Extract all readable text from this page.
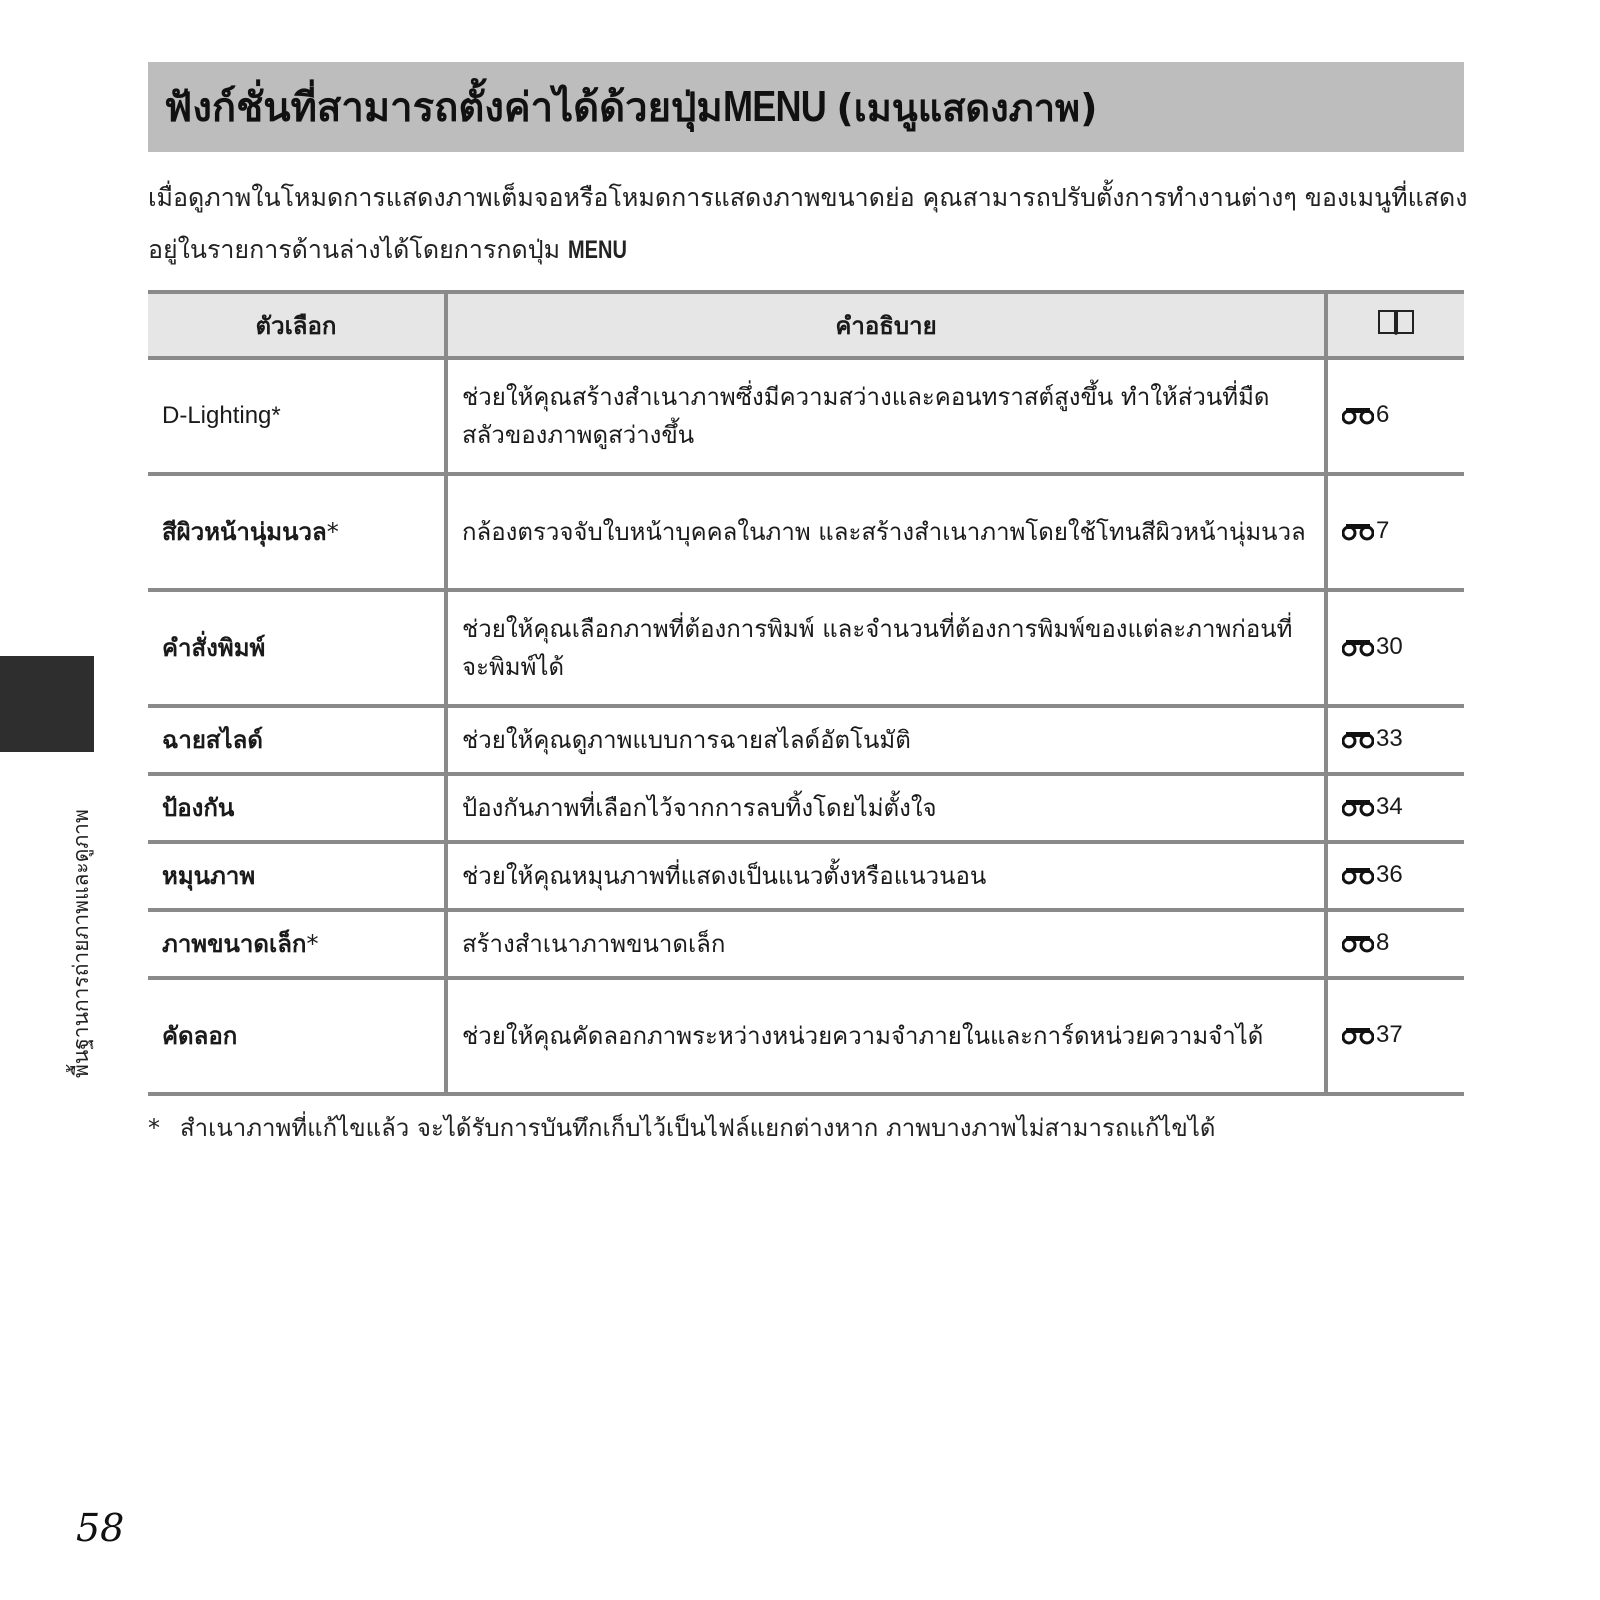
ฟังก์ชั่นที่สามารถตั้งค่าได้ด้วยปุ่ม MENU (เมนูแสดงภาพ)

เมื่อดูภาพในโหมดการแสดงภาพเต็มจอหรือโหมดการแสดงภาพขนาดย่อ คุณสามารถปรับตั้งการทำงานต่างๆ ของเมนูที่แสดงอยู่ในรายการด้านล่างได้โดยการกดปุ่ม MENU

ตัวเลือก	คำอธิบาย	
D-Lighting*	ช่วยให้คุณสร้างสำเนาภาพซึ่งมีความสว่างและคอนทราสต์สูงขึ้น ทำให้ส่วนที่มืดสลัวของภาพดูสว่างขึ้น	6
สีผิวหน้านุ่มนวล*	กล้องตรวจจับใบหน้าบุคคลในภาพ และสร้างสำเนาภาพโดยใช้โทนสีผิวหน้านุ่มนวล	7
คำสั่งพิมพ์	ช่วยให้คุณเลือกภาพที่ต้องการพิมพ์ และจำนวนที่ต้องการพิมพ์ของแต่ละภาพก่อนที่จะพิมพ์ได้	30
ฉายสไลด์	ช่วยให้คุณดูภาพแบบการฉายสไลด์อัตโนมัติ	33
ป้องกัน	ป้องกันภาพที่เลือกไว้จากการลบทิ้งโดยไม่ตั้งใจ	34
หมุนภาพ	ช่วยให้คุณหมุนภาพที่แสดงเป็นแนวตั้งหรือแนวนอน	36
ภาพขนาดเล็ก*	สร้างสำเนาภาพขนาดเล็ก	8
คัดลอก	ช่วยให้คุณคัดลอกภาพระหว่างหน่วยความจำภายในและการ์ดหน่วยความจำได้	37

* สำเนาภาพที่แก้ไขแล้ว จะได้รับการบันทึกเก็บไว้เป็นไฟล์แยกต่างหาก ภาพบางภาพไม่สามารถแก้ไขได้

พื้นฐานการถ่ายภาพและดูภาพ
58
